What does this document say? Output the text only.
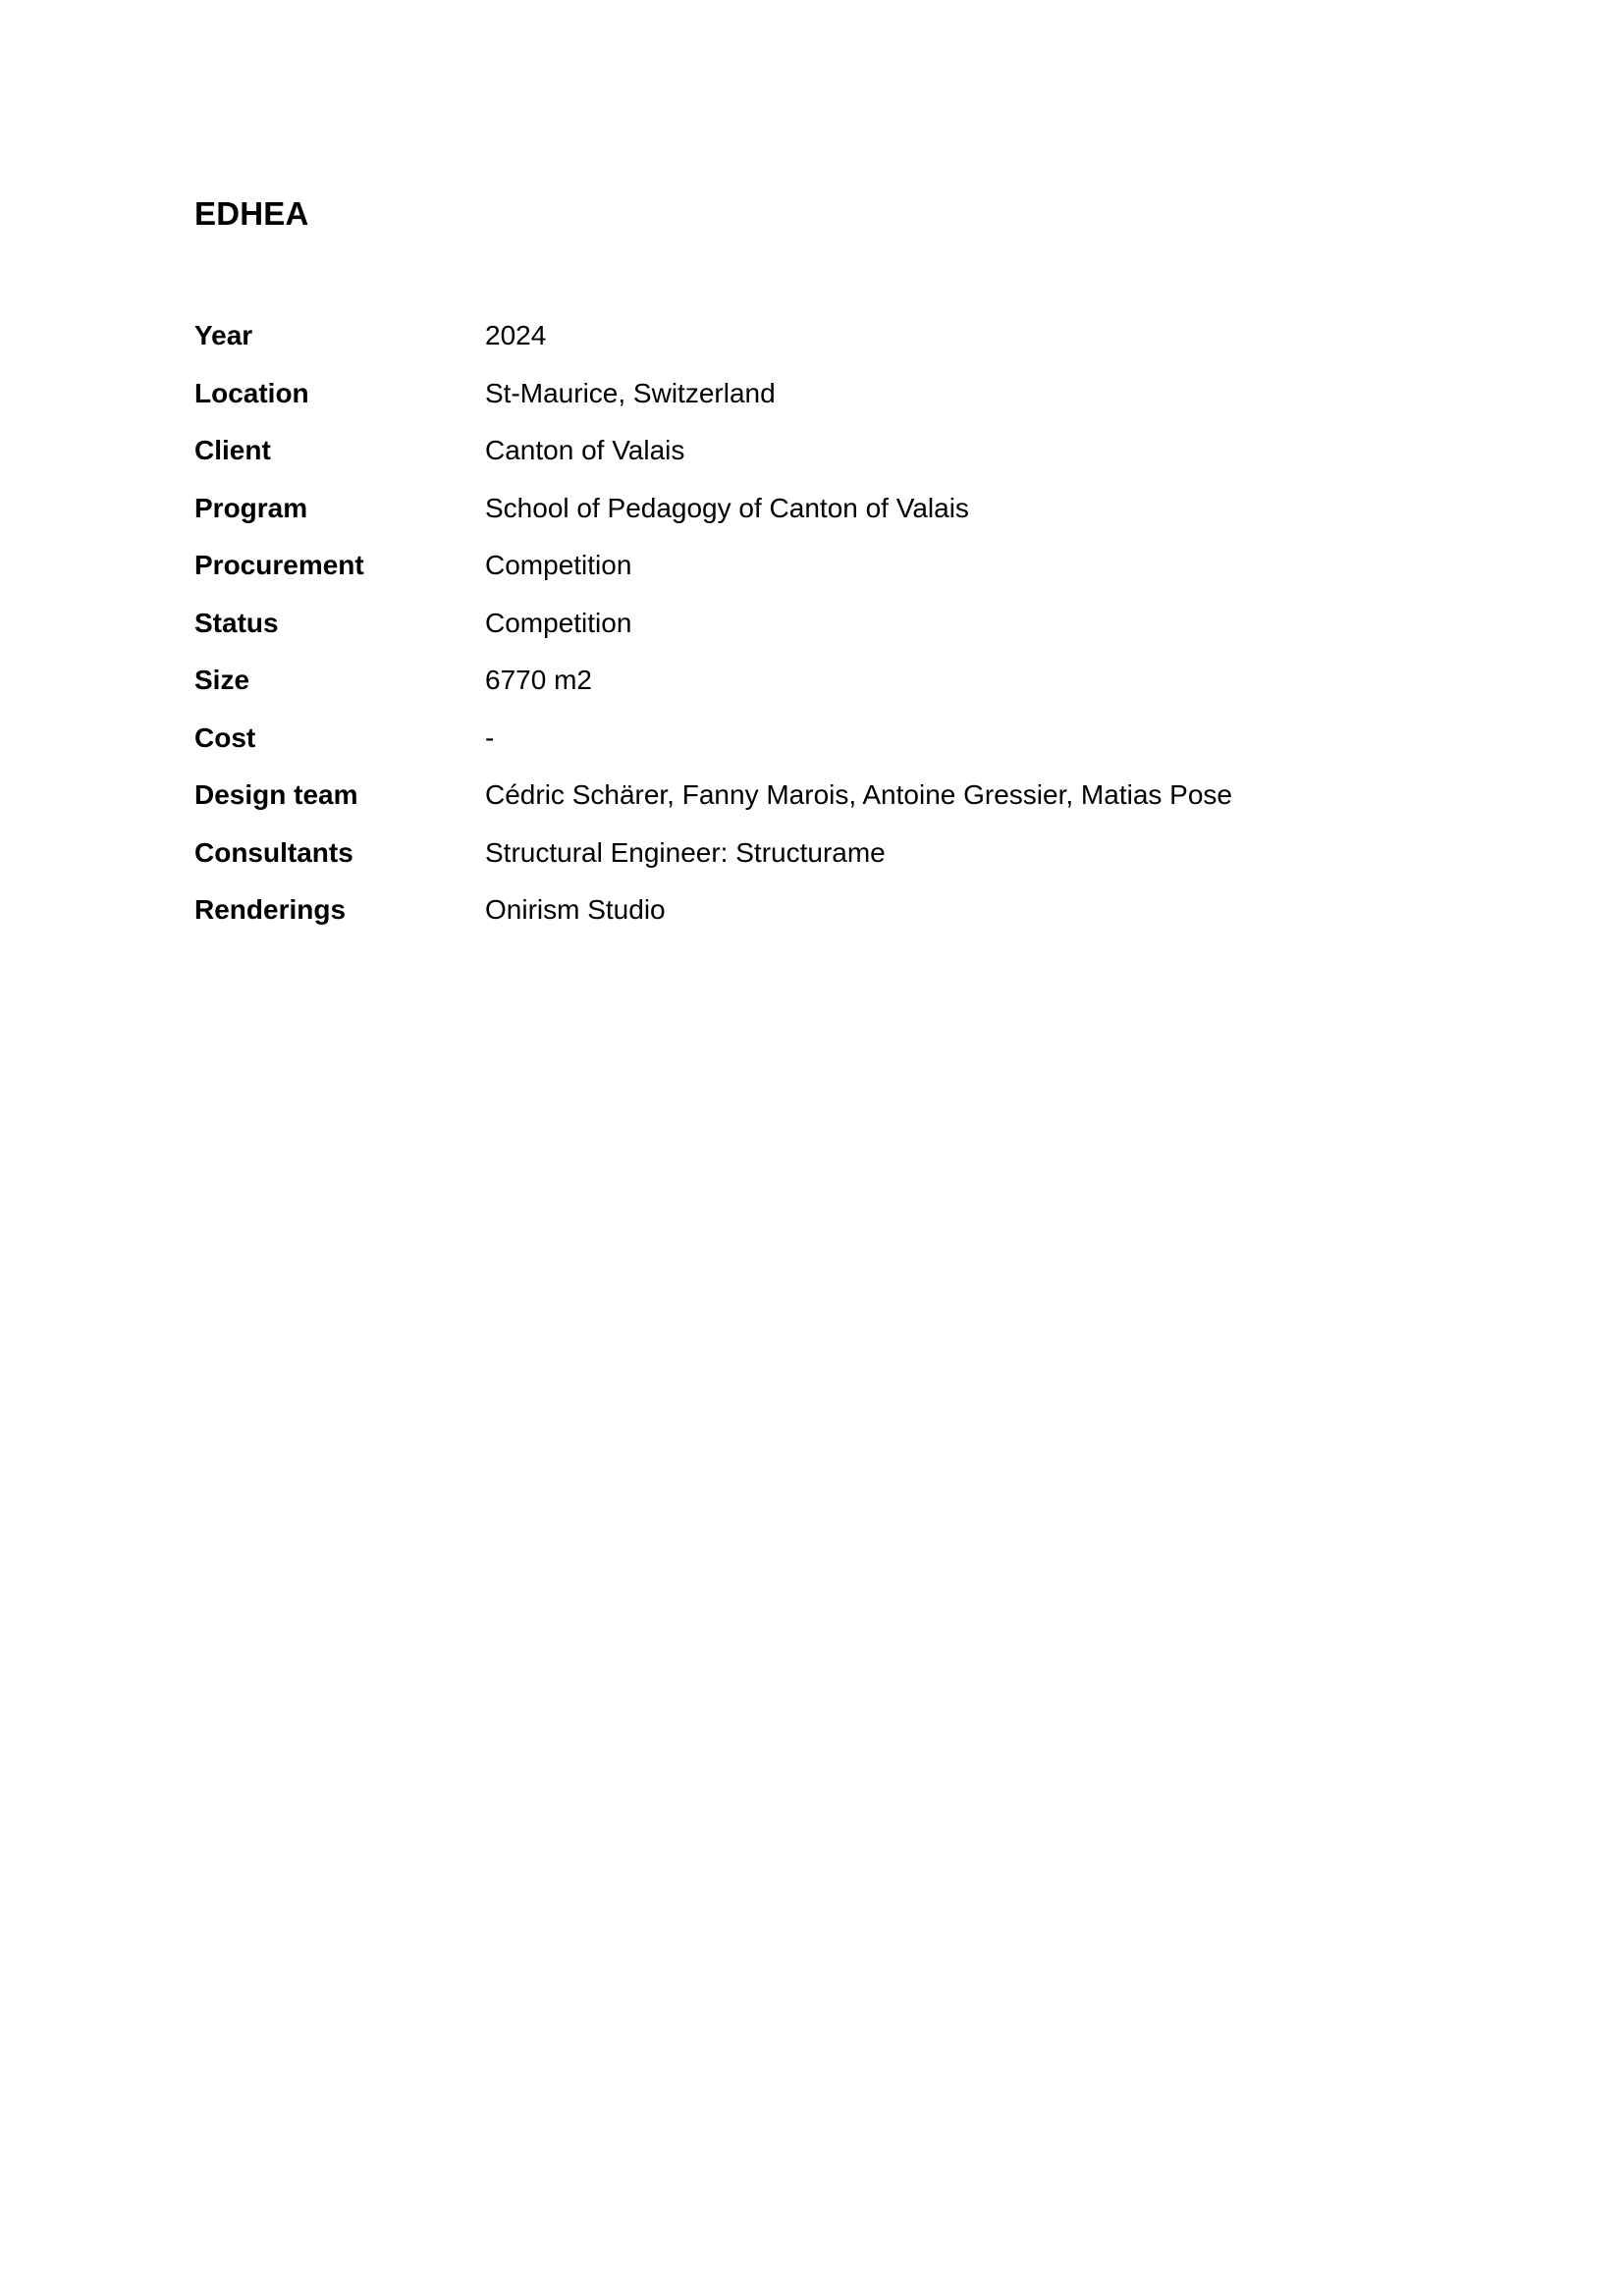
EDHEA
Year	2024
Location	St-Maurice, Switzerland
Client	Canton of Valais
Program	School of Pedagogy of Canton of Valais
Procurement	Competition
Status	Competition
Size	6770 m2
Cost	-
Design team	Cédric Schärer, Fanny Marois, Antoine Gressier, Matias Pose
Consultants	Structural Engineer: Structurame
Renderings	Onirism Studio
